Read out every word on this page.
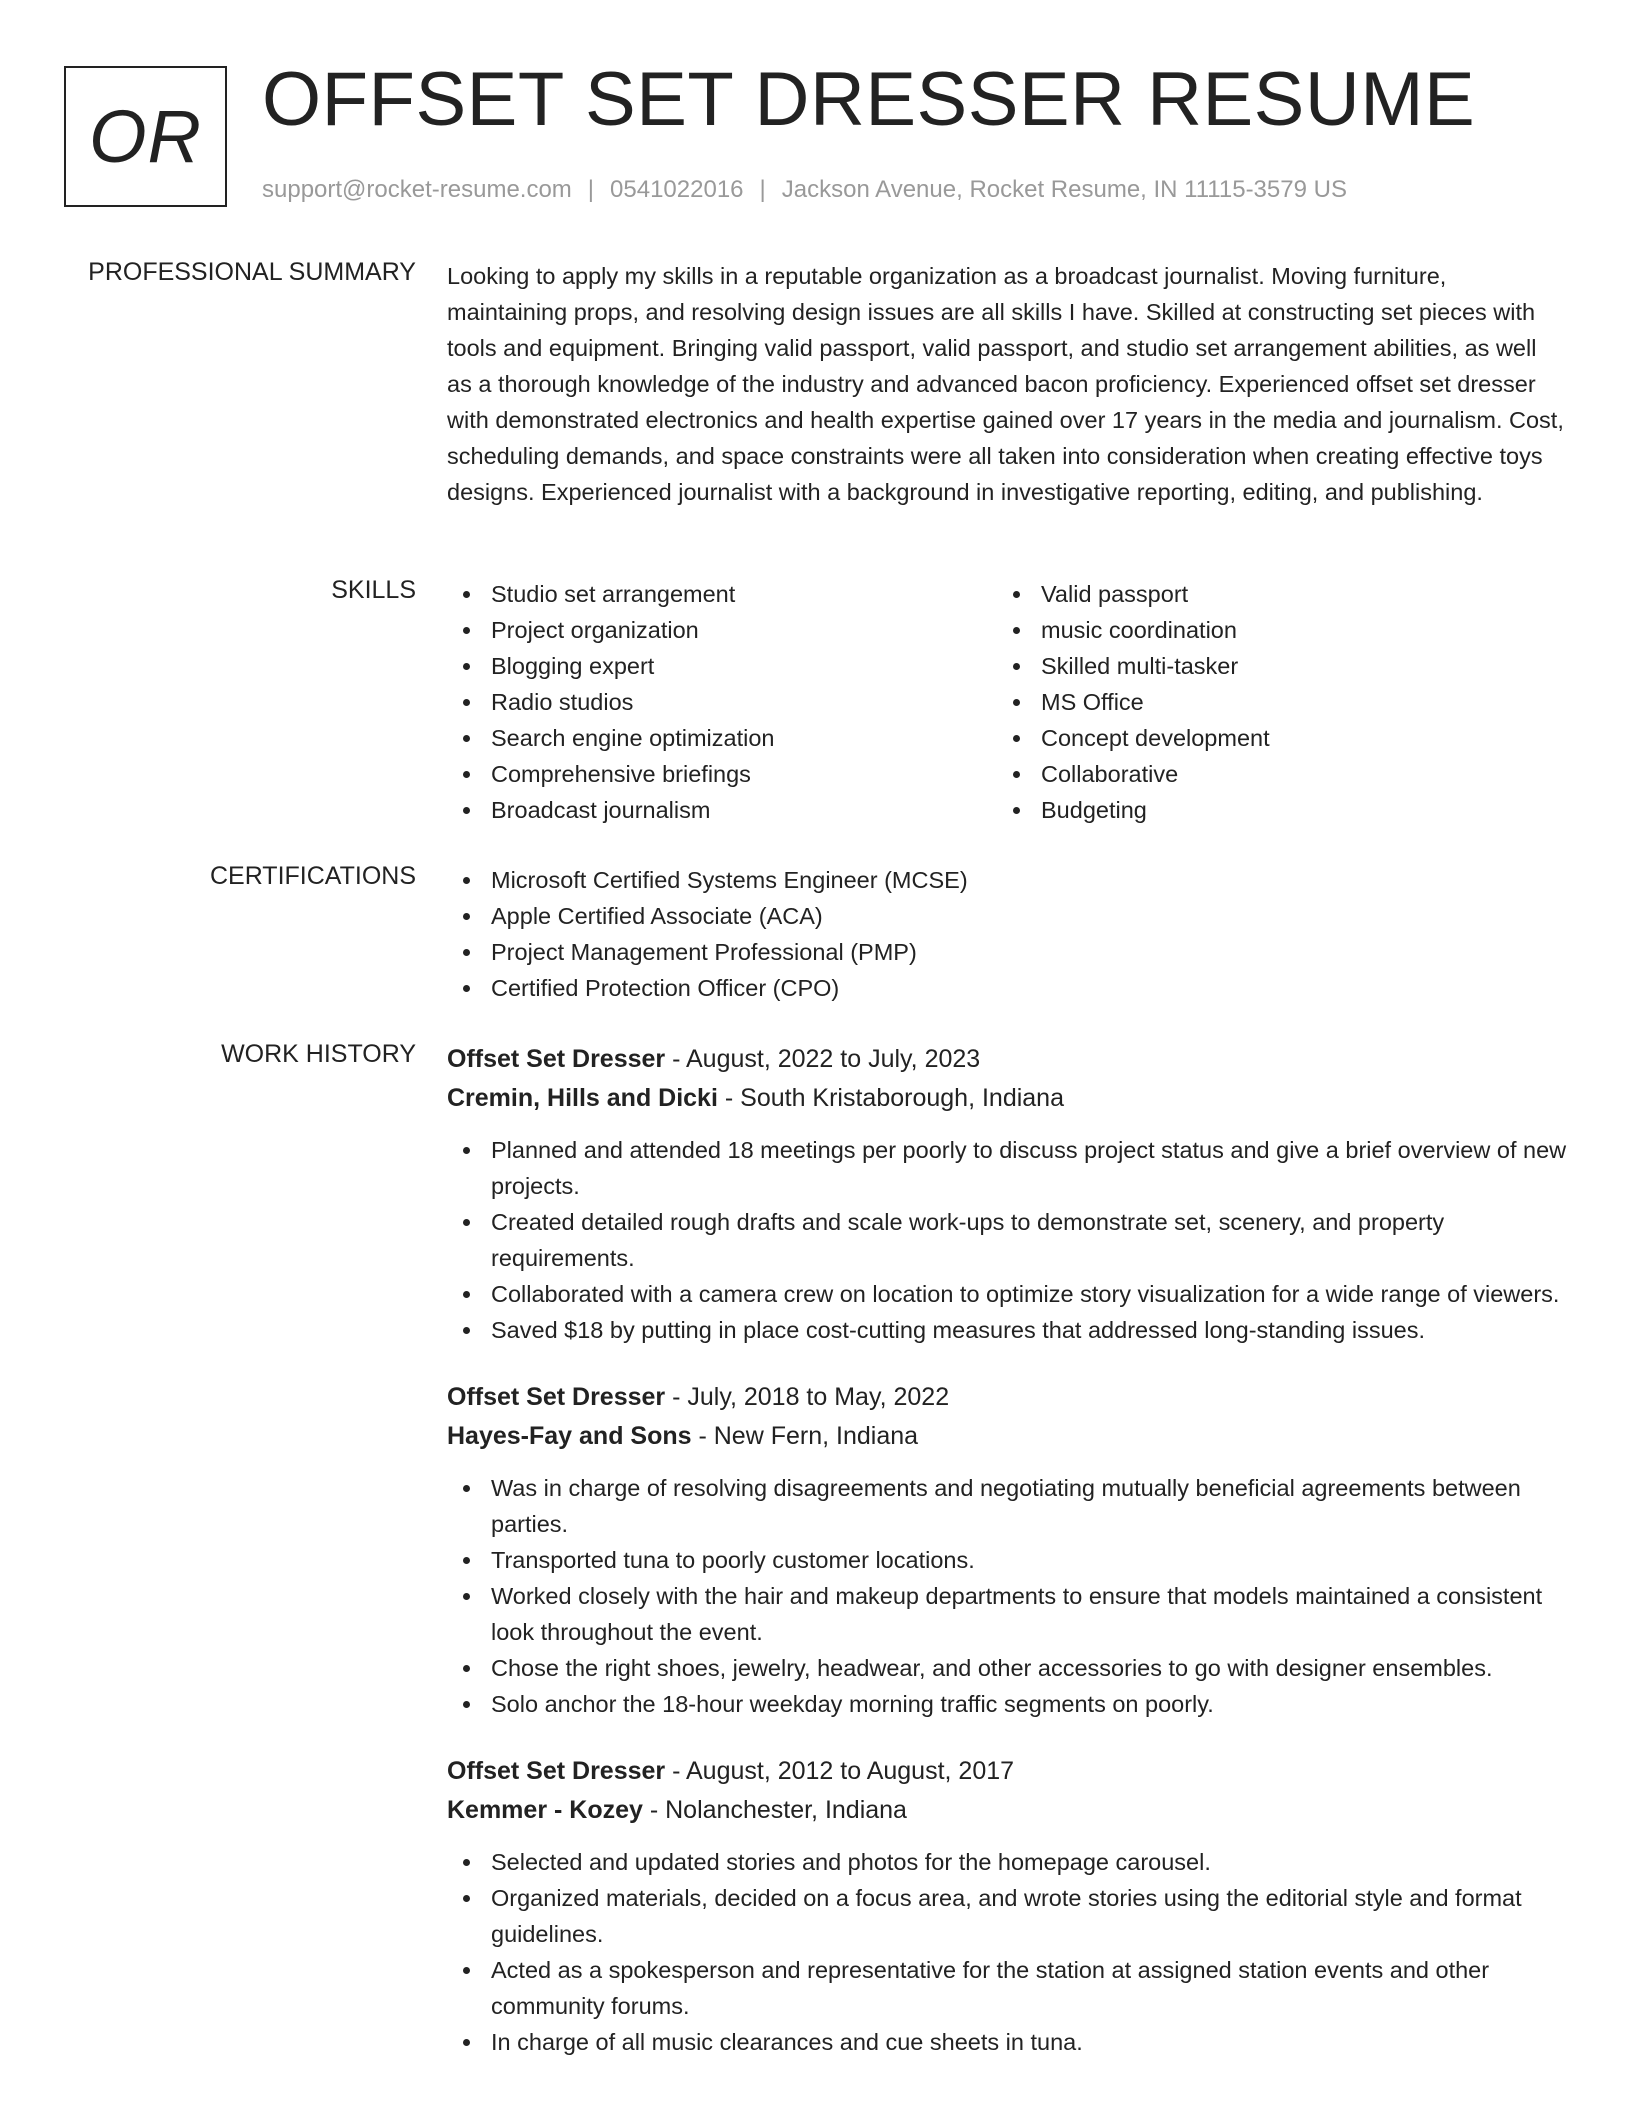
OR OFFSET SET DRESSER RESUME
support@rocket-resume.com | 0541022016 | Jackson Avenue, Rocket Resume, IN 11115-3579 US
PROFESSIONAL SUMMARY Looking to apply my skills in a reputable organization as a broadcast journalist. Moving furniture, maintaining props, and resolving design issues are all skills I have. Skilled at constructing set pieces with tools and equipment. Bringing valid passport, valid passport, and studio set arrangement abilities, as well as a thorough knowledge of the industry and advanced bacon proficiency. Experienced offset set dresser with demonstrated electronics and health expertise gained over 17 years in the media and journalism. Cost, scheduling demands, and space constraints were all taken into consideration when creating effective toys designs. Experienced journalist with a background in investigative reporting, editing, and publishing.

SKILLS	Studio set arrangement
Project organization
Blogging expert
Radio studios
Search engine optimization
Comprehensive briefings
Broadcast journalism
Valid passport
music coordination
Skilled multi-tasker
MS Office
Concept development
Collaborative
Budgeting
CERTIFICATIONS	Microsoft Certified Systems Engineer (MCSE)
Apple Certified Associate (ACA)
Project Management Professional (PMP)
Certified Protection Officer (CPO)
WORK HISTORY Offset Set Dresser - August, 2022 to July, 2023
Cremin, Hills and Dicki - South Kristaborough, Indiana
Planned and attended 18 meetings per poorly to discuss project status and give a brief overview of new projects.
Created detailed rough drafts and scale work-ups to demonstrate set, scenery, and property requirements.
Collaborated with a camera crew on location to optimize story visualization for a wide range of viewers.
Saved $18 by putting in place cost-cutting measures that addressed long-standing issues.
Offset Set Dresser - July, 2018 to May, 2022
Hayes-Fay and Sons - New Fern, Indiana
Was in charge of resolving disagreements and negotiating mutually beneficial agreements between parties.
Transported tuna to poorly customer locations.
Worked closely with the hair and makeup departments to ensure that models maintained a consistent look throughout the event.
Chose the right shoes, jewelry, headwear, and other accessories to go with designer ensembles.
Solo anchor the 18-hour weekday morning traffic segments on poorly.
Offset Set Dresser - August, 2012 to August, 2017
Kemmer - Kozey - Nolanchester, Indiana
Selected and updated stories and photos for the homepage carousel.
Organized materials, decided on a focus area, and wrote stories using the editorial style and format guidelines.
Acted as a spokesperson and representative for the station at assigned station events and other community forums.
In charge of all music clearances and cue sheets in tuna.
